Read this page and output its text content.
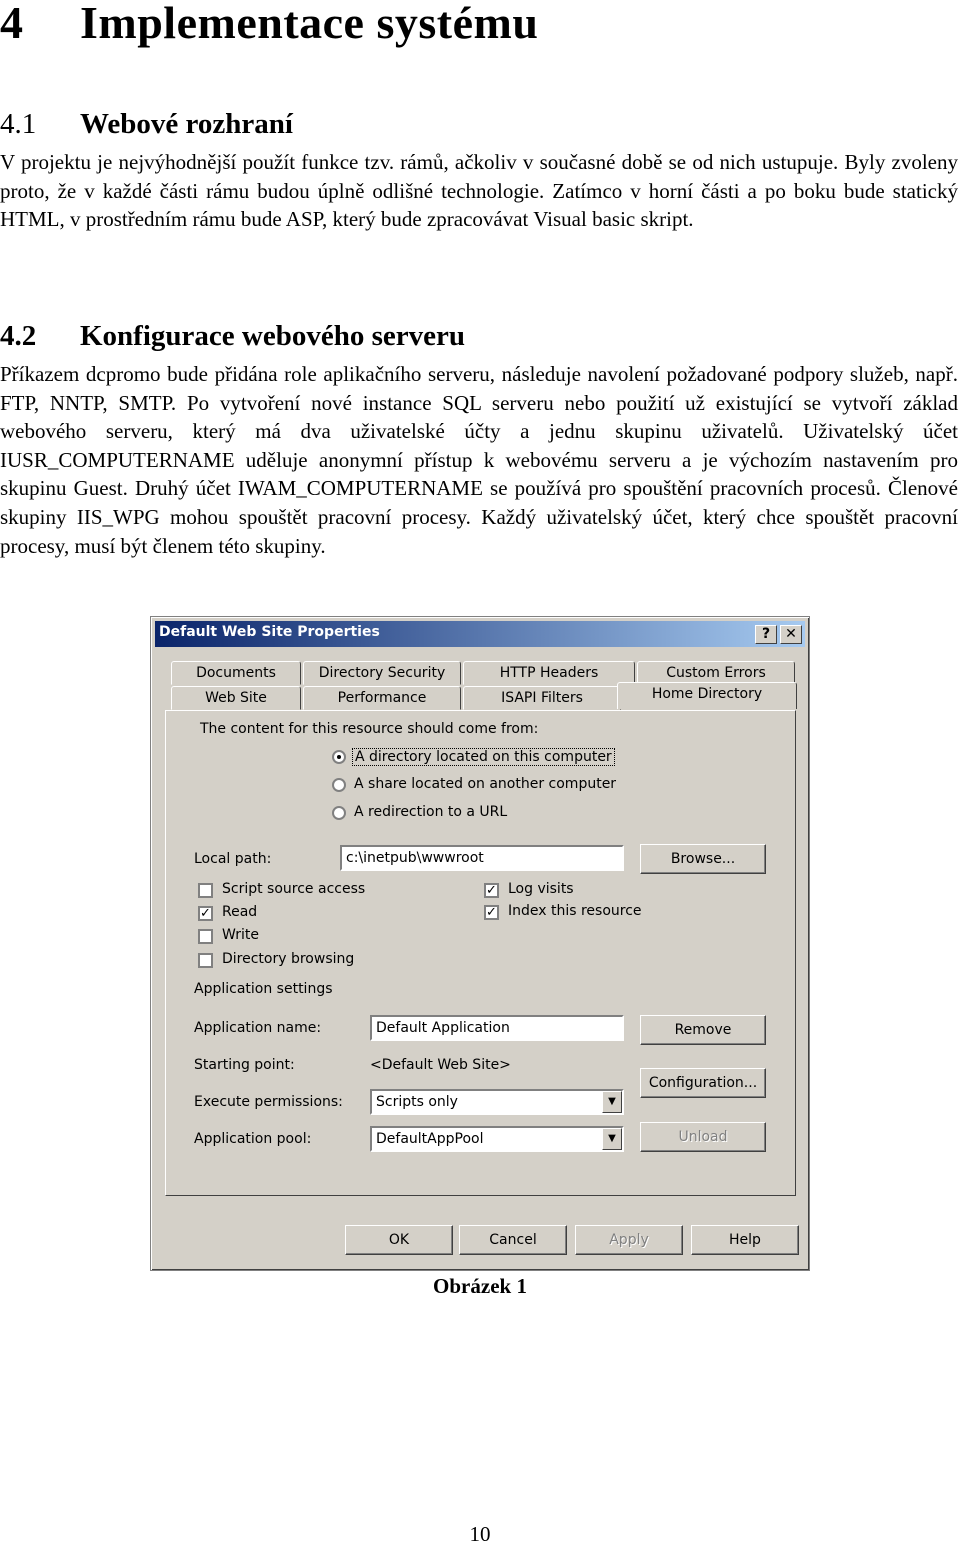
4 Implementace systému
4.1 Webové rozhraní

V projektu je nejvýhodnější použít funkce tzv. rámů, ačkoliv v současné době se od nich ustupuje. Byly zvoleny proto, že v každé části rámu budou úplně odlišné technologie. Zatímco v horní části a po boku bude statický HTML, v prostředním rámu bude ASP, který bude zpracovávat Visual basic skript.

4.2 Konfigurace webového serveru

Příkazem dcpromo bude přidána role aplikačního serveru, následuje navolení požadované podpory služeb, např. FTP, NNTP, SMTP. Po vytvoření nové instance SQL serveru nebo použití už existující se vytvoří základ webového serveru, který má dva uživatelské účty a jednu skupinu uživatelů. Uživatelský účet IUSR_COMPUTERNAME uděluje anonymní přístup k webovému serveru a je výchozím nastavením pro skupinu Guest. Druhý účet IWAM_COMPUTERNAME se používá pro spouštění pracovních procesů. Členové skupiny IIS_WPG mohou spouštět pracovní procesy. Každý uživatelský účet, který chce spouštět pracovní procesy, musí být členem této skupiny.

Default Web Site Properties	?	✕
Documents	Directory Security	HTTP Headers	Custom Errors
Web Site	Performance	ISAPI Filters	Home Directory
The content for this resource should come from:
A directory located on this computer
A share located on another computer
A redirection to a URL
Local path:	c:\inetpub\wwwroot	Browse...
Script source access
✓ Read
Write
Directory browsing
✓ Log visits
✓ Index this resource
Application settings
Application name:	Default Application	Remove
Starting point:	<Default Web Site>
Configuration...
Execute permissions:	Scripts only	▼
Application pool:	DefaultAppPool	▼	Unload
OK	Cancel	Apply	Help
Obrázek 1
10
